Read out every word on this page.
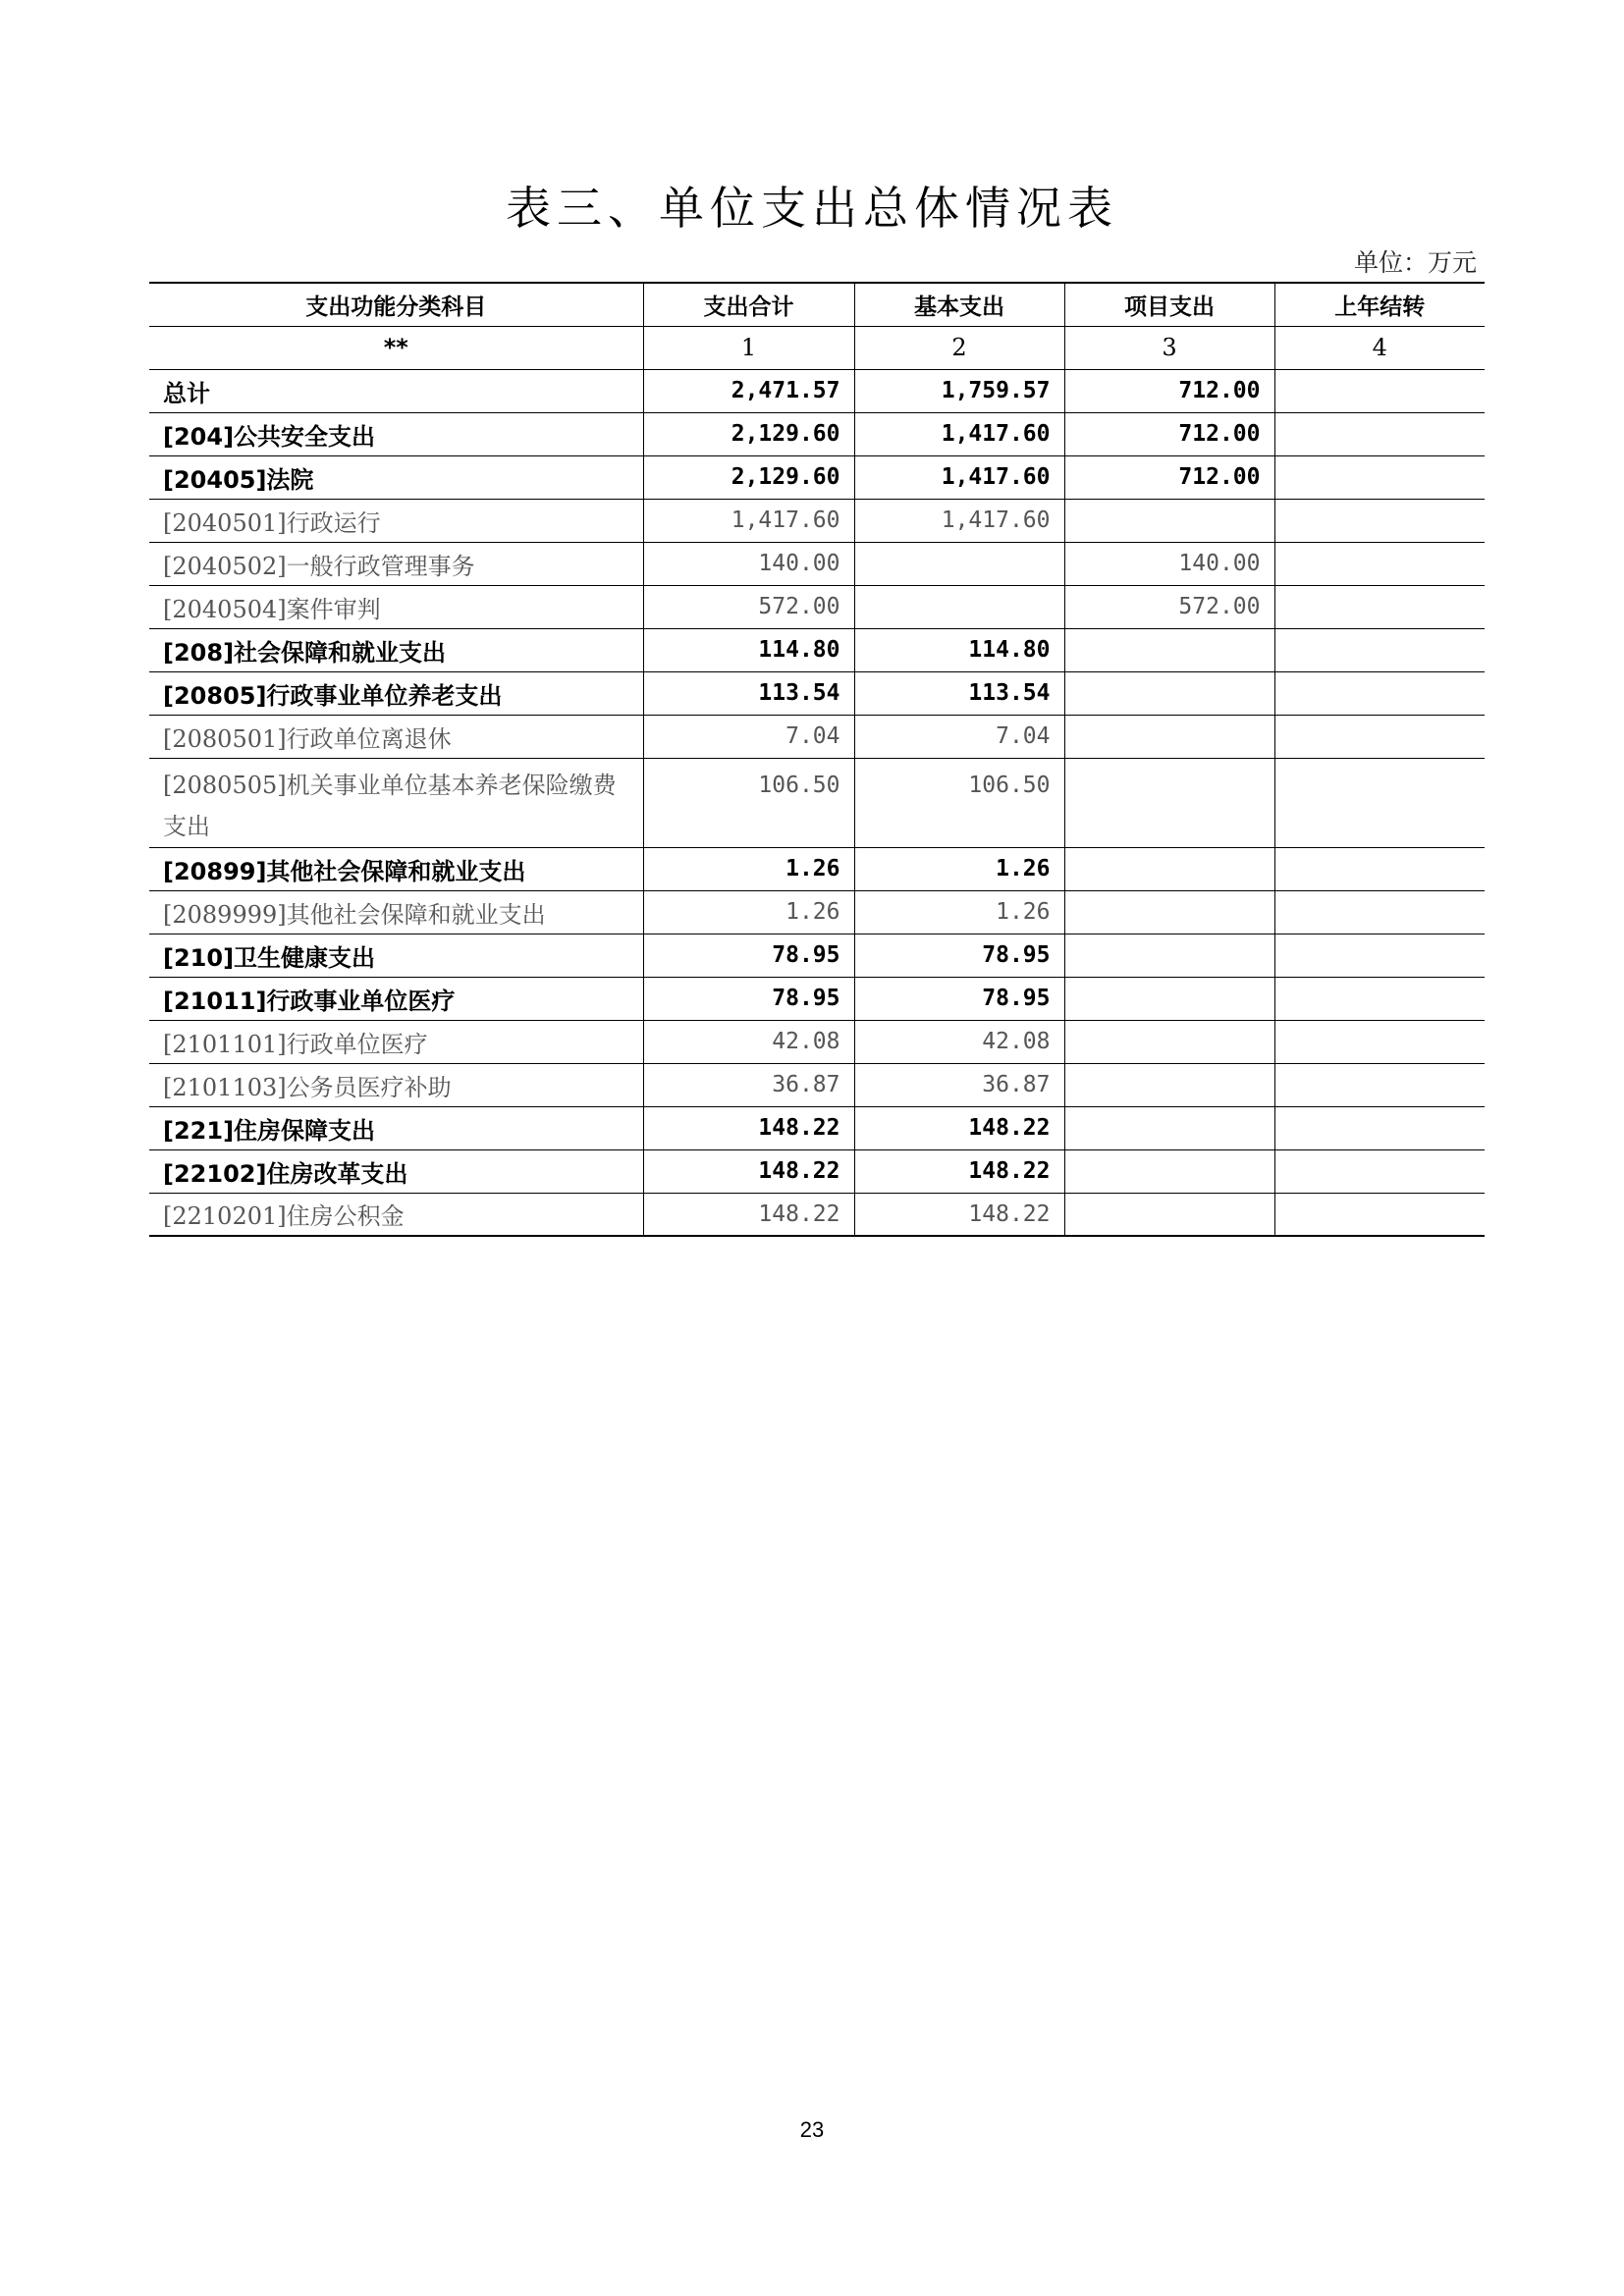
表三、单位支出总体情况表
单位：万元
支出功能分类科目	支出合计	基本支出	项目支出	上年结转
**	1	2	3	4
总计	2,471.57	1,759.57	712.00	
[204]公共安全支出	2,129.60	1,417.60	712.00	
[20405]法院	2,129.60	1,417.60	712.00	
[2040501]行政运行	1,417.60	1,417.60		
[2040502]一般行政管理事务	140.00		140.00	
[2040504]案件审判	572.00		572.00	
[208]社会保障和就业支出	114.80	114.80		
[20805]行政事业单位养老支出	113.54	113.54		
[2080501]行政单位离退休	7.04	7.04		
[2080505]机关事业单位基本养老保险缴费支出	106.50	106.50		
[20899]其他社会保障和就业支出	1.26	1.26		
[2089999]其他社会保障和就业支出	1.26	1.26		
[210]卫生健康支出	78.95	78.95		
[21011]行政事业单位医疗	78.95	78.95		
[2101101]行政单位医疗	42.08	42.08		
[2101103]公务员医疗补助	36.87	36.87		
[221]住房保障支出	148.22	148.22		
[22102]住房改革支出	148.22	148.22		
[2210201]住房公积金	148.22	148.22		
23
